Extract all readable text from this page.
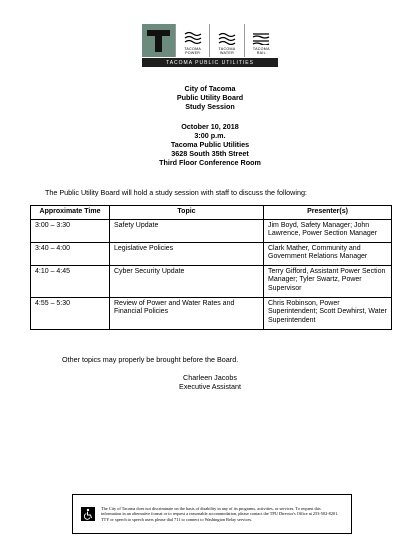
TACOMA
POWER
TACOMA
WATER
TACOMA
RAIL
TACOMA PUBLIC UTILITIES
City of Tacoma
Public Utility Board
Study Session
October 10, 2018
3:00 p.m.
Tacoma Public Utilities
3628 South 35th Street
Third Floor Conference Room
The Public Utility Board will hold a study session with staff to discuss the following:
Approximate Time	Topic	Presenter(s)
3:00 – 3:30	Safety Update	Jim Boyd, Safety Manager; John Lawrence, Power Section Manager
3:40 – 4:00	Legislative Policies	Clark Mather, Community and Government Relations Manager
4:10 – 4:45	Cyber Security Update	Terry Gifford, Assistant Power Section Manager; Tyler Swartz, Power Supervisor
4:55 – 5:30	Review of Power and Water Rates and Financial Policies	Chris Robinson, Power Superintendent; Scott Dewhirst, Water Superintendent
Other topics may properly be brought before the Board.
Charleen Jacobs
Executive Assistant
The City of Tacoma does not discriminate on the basis of disability in any of its programs, activities, or services. To request this information in an alternative format or to request a reasonable accommodation, please contact the TPU Director's Office at 253-502-8201. TTY or speech to speech users please dial 711 to connect to Washington Relay services.
